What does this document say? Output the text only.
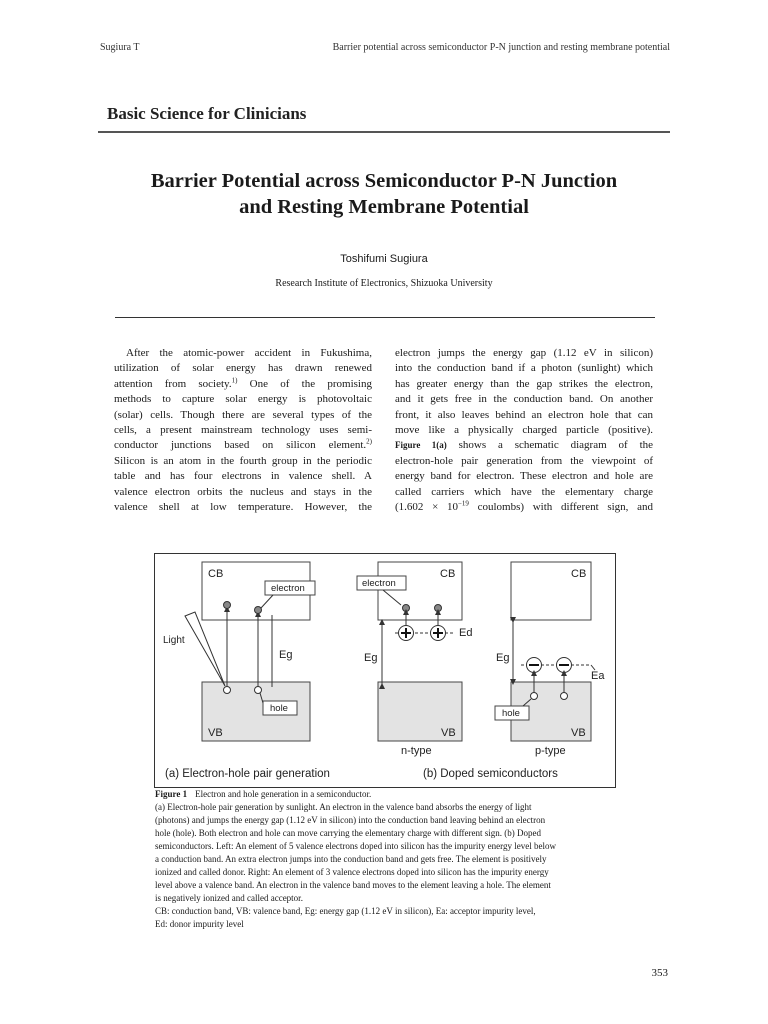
Sugiura T	Barrier potential across semiconductor P-N junction and resting membrane potential
Basic Science for Clinicians
Barrier Potential across Semiconductor P-N Junction
and Resting Membrane Potential
Toshifumi Sugiura
Research Institute of Electronics, Shizuoka University
After the atomic-power accident in Fukushima,
utilization of solar energy has drawn renewed
attention from society.$^{1)}$ One of the promising
methods to capture solar energy is photovoltaic
(solar) cells. Though there are several types of the
cells, a present mainstream technology uses semi-
conductor junctions based on silicon element.$^{2)}$
Silicon is an atom in the fourth group in the periodic
table and has four electrons in valence shell. A
valence electron orbits the nucleus and stays in the
valence shell at low temperature. However, the
electron jumps the energy gap (1.12 eV in silicon)
into the conduction band if a photon (sunlight) which
has greater energy than the gap strikes the electron,
and it gets free in the conduction band. On another
front, it also leaves behind an electron hole that can
move like a physically charged particle (positive).
Figure 1(a) shows a schematic diagram of the
electron-hole pair generation from the viewpoint of
energy band for electron. These electron and hole are
called carriers which have the elementary charge
($1.602 \times 10^{-19}$ coulombs) with different sign, and
CB
VB
electron
hole
Light
Eg
CB
VB
electron
Ed
Eg
n-type
CB
VB
Eg
Ea
hole
p-type
(a) Electron-hole pair generation	(b) Doped semiconductors
Figure 1 Electron and hole generation in a semiconductor.
(a) Electron-hole pair generation by sunlight. An electron in the valence band absorbs the energy of light
(photons) and jumps the energy gap (1.12 eV in silicon) into the conduction band leaving behind an electron
hole (hole). Both electron and hole can move carrying the elementary charge with different sign. (b) Doped
semiconductors. Left: An element of 5 valence electrons doped into silicon has the impurity energy level below
a conduction band. An extra electron jumps into the conduction band and gets free. The element is positively
ionized and called donor. Right: An element of 3 valence electrons doped into silicon has the impurity energy
level above a valence band. An electron in the valence band moves to the element leaving a hole. The element
is negatively ionized and called acceptor.
CB: conduction band, VB: valence band, Eg: energy gap (1.12 eV in silicon), Ea: acceptor impurity level,
Ed: donor impurity level
353
